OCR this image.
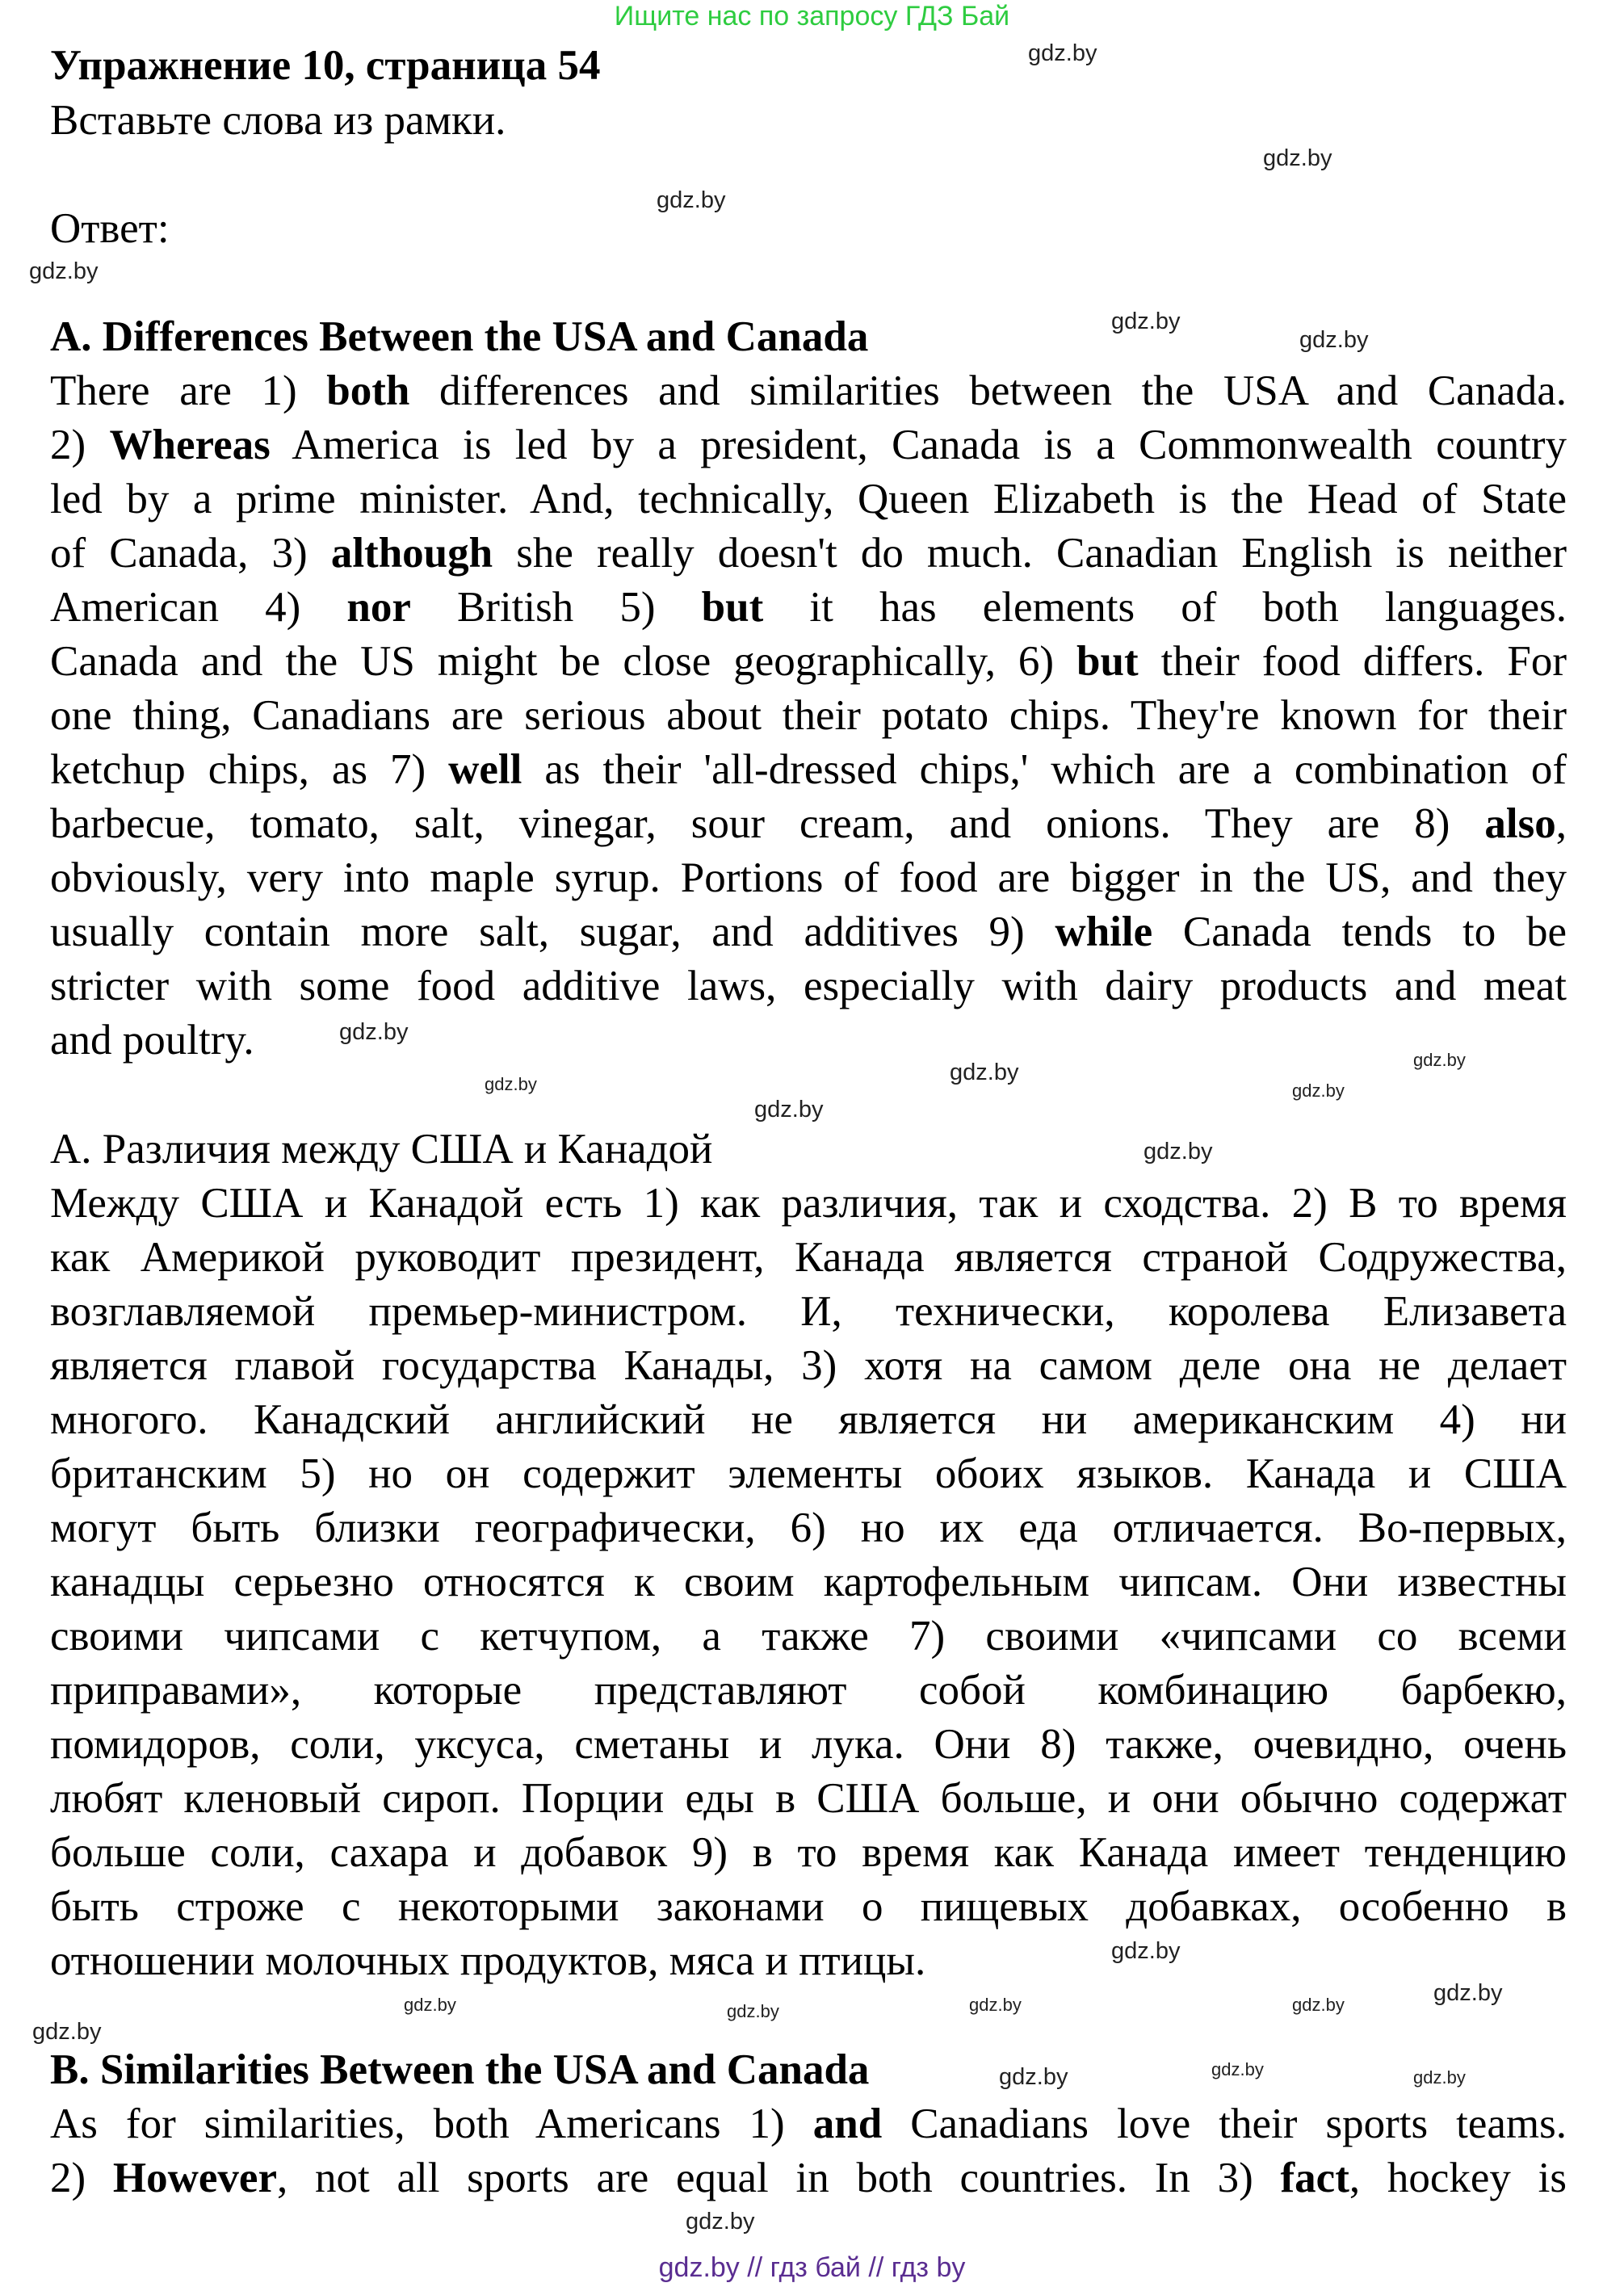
Ищите нас по запросу ГДЗ Бай
Упражнение 10, страница 54
Вставьте слова из рамки.
Ответ:
A. Differences Between the USA and Canada
There are 1) both differences and similarities between the USA and Canada.
2) Whereas America is led by a president, Canada is a Commonwealth country
led by a prime minister. And, technically, Queen Elizabeth is the Head of State
of Canada, 3) although she really doesn't do much. Canadian English is neither
American 4) nor British 5) but it has elements of both languages.
Canada and the US might be close geographically, 6) but their food differs. For
one thing, Canadians are serious about their potato chips. They're known for their
ketchup chips, as 7) well as their 'all-dressed chips,' which are a combination of
barbecue, tomato, salt, vinegar, sour cream, and onions. They are 8) also,
obviously, very into maple syrup. Portions of food are bigger in the US, and they
usually contain more salt, sugar, and additives 9) while Canada tends to be
stricter with some food additive laws, especially with dairy products and meat
and poultry.
А. Различия между США и Канадой
Между США и Канадой есть 1) как различия, так и сходства. 2) В то время
как Америкой руководит президент, Канада является страной Содружества,
возглавляемой премьер-министром. И, технически, королева Елизавета
является главой государства Канады, 3) хотя на самом деле она не делает
многого. Канадский английский не является ни американским 4) ни
британским 5) но он содержит элементы обоих языков. Канада и США
могут быть близки географически, 6) но их еда отличается. Во-первых,
канадцы серьезно относятся к своим картофельным чипсам. Они известны
своими чипсами с кетчупом, а также 7) своими «чипсами со всеми
приправами», которые представляют собой комбинацию барбекю,
помидоров, соли, уксуса, сметаны и лука. Они 8) также, очевидно, очень
любят кленовый сироп. Порции еды в США больше, и они обычно содержат
больше соли, сахара и добавок 9) в то время как Канада имеет тенденцию
быть строже с некоторыми законами о пищевых добавках, особенно в
отношении молочных продуктов, мяса и птицы.
B. Similarities Between the USA and Canada
As for similarities, both Americans 1) and Canadians love their sports teams.
2) However, not all sports are equal in both countries. In 3) fact, hockey is
gdz.by
gdz.by
gdz.by
gdz.by
gdz.by
gdz.by
gdz.by	gdz.by
gdz.by
gdz.by
gdz.by
gdz.by
gdz.by
gdz.by	gdz.by	gdz.by	gdz.by
gdz.by	gdz.by
gdz.by
gdz.by
gdz.by
gdz.by
gdz.by
gdz.by // гдз бай // гдз by
